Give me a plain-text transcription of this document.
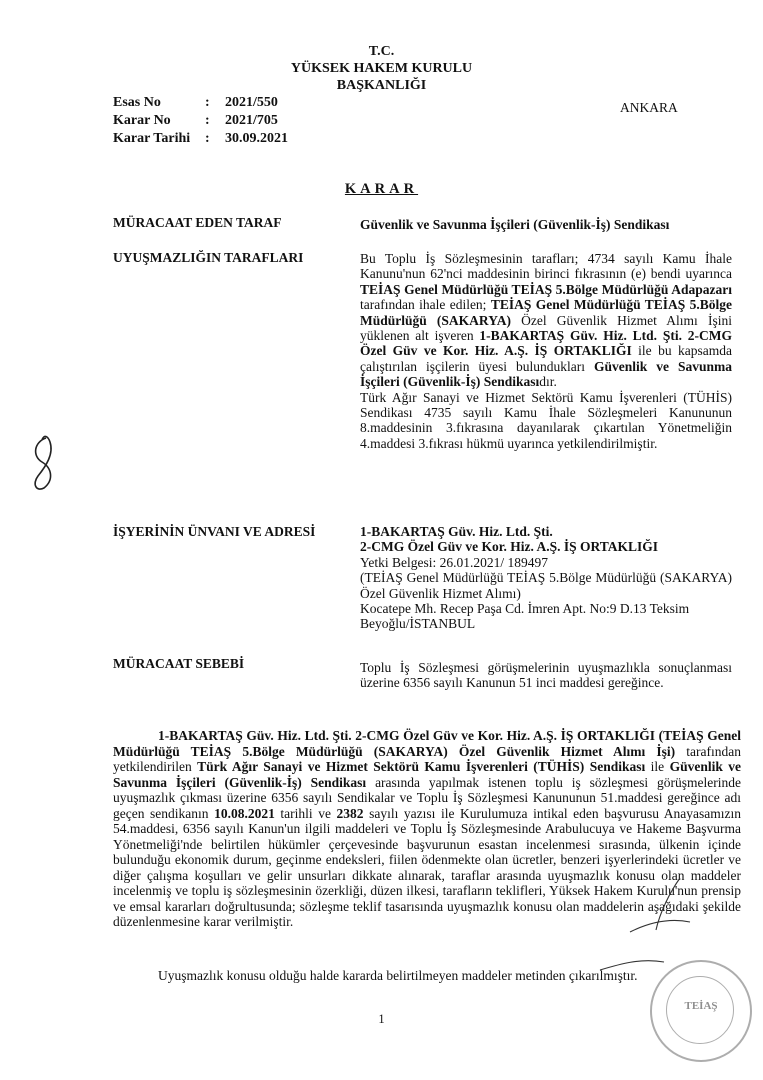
T.C.
YÜKSEK HAKEM KURULU
BAŞKANLIĞI
Esas No	: 2021/550
Karar No : 2021/705
Karar Tarihi : 30.09.2021
ANKARA
KARAR
MÜRACAAT EDEN TARAF	Güvenlik ve Savunma İşçileri (Güvenlik-İş) Sendikası
UYUŞMAZLIĞIN TARAFLARI	Bu Toplu İş Sözleşmesinin tarafları; 4734 sayılı Kamu İhale Kanunu'nun 62'nci maddesinin birinci fıkrasının (e) bendi uyarınca TEİAŞ Genel Müdürlüğü TEİAŞ 5.Bölge Müdürlüğü Adapazarı tarafından ihale edilen; TEİAŞ Genel Müdürlüğü TEİAŞ 5.Bölge Müdürlüğü (SAKARYA) Özel Güvenlik Hizmet Alımı İşini yüklenen alt işveren 1-BAKARTAŞ Güv. Hiz. Ltd. Şti. 2-CMG Özel Güv ve Kor. Hiz. A.Ş. İŞ ORTAKLIĞI ile bu kapsamda çalıştırılan işçilerin üyesi bulundukları Güvenlik ve Savunma İşçileri (Güvenlik-İş) Sendikasıdır.
Türk Ağır Sanayi ve Hizmet Sektörü Kamu İşverenleri (TÜHİS) Sendikası 4735 sayılı Kamu İhale Sözleşmeleri Kanununun 8.maddesinin 3.fıkrasına dayanılarak çıkartılan Yönetmeliğin 4.maddesi 3.fıkrası hükmü uyarınca yetkilendirilmiştir.
İŞYERİNİN ÜNVANI VE ADRESİ	1-BAKARTAŞ Güv. Hiz. Ltd. Şti.
2-CMG Özel Güv ve Kor. Hiz. A.Ş. İŞ ORTAKLIĞI
Yetki Belgesi: 26.01.2021/ 189497
(TEİAŞ Genel Müdürlüğü TEİAŞ 5.Bölge Müdürlüğü (SAKARYA) Özel Güvenlik Hizmet Alımı)
Kocatepe Mh. Recep Paşa Cd. İmren Apt. No:9 D.13 Teksim Beyoğlu/İSTANBUL
MÜRACAAT SEBEBİ	Toplu İş Sözleşmesi görüşmelerinin uyuşmazlıkla sonuçlanması üzerine 6356 sayılı Kanunun 51 inci maddesi gereğince.
1-BAKARTAŞ Güv. Hiz. Ltd. Şti. 2-CMG Özel Güv ve Kor. Hiz. A.Ş. İŞ ORTAKLIĞI (TEİAŞ Genel Müdürlüğü TEİAŞ 5.Bölge Müdürlüğü (SAKARYA) Özel Güvenlik Hizmet Alımı İşi) tarafından yetkilendirilen Türk Ağır Sanayi ve Hizmet Sektörü Kamu İşverenleri (TÜHİS) Sendikası ile Güvenlik ve Savunma İşçileri (Güvenlik-İş) Sendikası arasında yapılmak istenen toplu iş sözleşmesi görüşmelerinde uyuşmazlık çıkması üzerine 6356 sayılı Sendikalar ve Toplu İş Sözleşmesi Kanununun 51.maddesi gereğince adı geçen sendikanın 10.08.2021 tarihli ve 2382 sayılı yazısı ile Kurulumuza intikal eden başvurusu Anayasamızın 54.maddesi, 6356 sayılı Kanun'un ilgili maddeleri ve Toplu İş Sözleşmesinde Arabulucuya ve Hakeme Başvurma Yönetmeliği'nde belirtilen hükümler çerçevesinde başvurunun esastan incelenmesi sırasında, ülkenin içinde bulunduğu ekonomik durum, geçinme endeksleri, fiilen ödenmekte olan ücretler, benzeri işyerlerindeki ücretler ve diğer çalışma koşulları ve gelir unsurları dikkate alınarak, taraflar arasında uyuşmazlık konusu olan maddeler incelenmiş ve toplu iş sözleşmesinin özerkliği, düzen ilkesi, tarafların teklifleri, Yüksek Hakem Kurulu'nun prensip ve emsal kararları doğrultusunda; sözleşme teklif tasarısında uyuşmazlık konusu olan maddelerin aşağıdaki şekilde düzenlenmesine karar verilmiştir.
Uyuşmazlık konusu olduğu halde kararda belirtilmeyen maddeler metinden çıkarılmıştır.
1
TEİAŞ
